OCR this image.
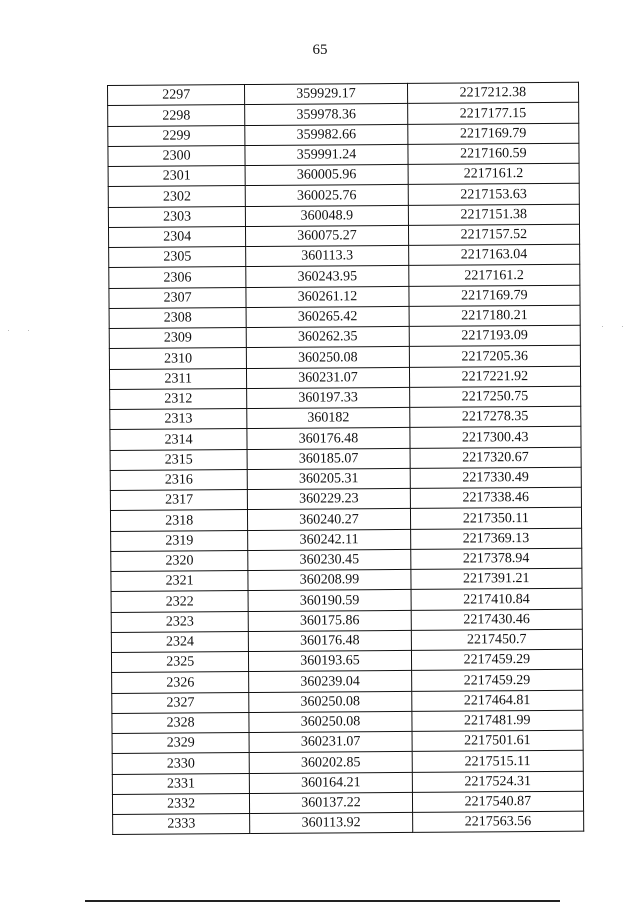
65
2297	359929.17	2217212.38
2298	359978.36	2217177.15
2299	359982.66	2217169.79
2300	359991.24	2217160.59
2301	360005.96	2217161.2
2302	360025.76	2217153.63
2303	360048.9	2217151.38
2304	360075.27	2217157.52
2305	360113.3	2217163.04
2306	360243.95	2217161.2
2307	360261.12	2217169.79
2308	360265.42	2217180.21
2309	360262.35	2217193.09
2310	360250.08	2217205.36
2311	360231.07	2217221.92
2312	360197.33	2217250.75
2313	360182	2217278.35
2314	360176.48	2217300.43
2315	360185.07	2217320.67
2316	360205.31	2217330.49
2317	360229.23	2217338.46
2318	360240.27	2217350.11
2319	360242.11	2217369.13
2320	360230.45	2217378.94
2321	360208.99	2217391.21
2322	360190.59	2217410.84
2323	360175.86	2217430.46
2324	360176.48	2217450.7
2325	360193.65	2217459.29
2326	360239.04	2217459.29
2327	360250.08	2217464.81
2328	360250.08	2217481.99
2329	360231.07	2217501.61
2330	360202.85	2217515.11
2331	360164.21	2217524.31
2332	360137.22	2217540.87
2333	360113.92	2217563.56
